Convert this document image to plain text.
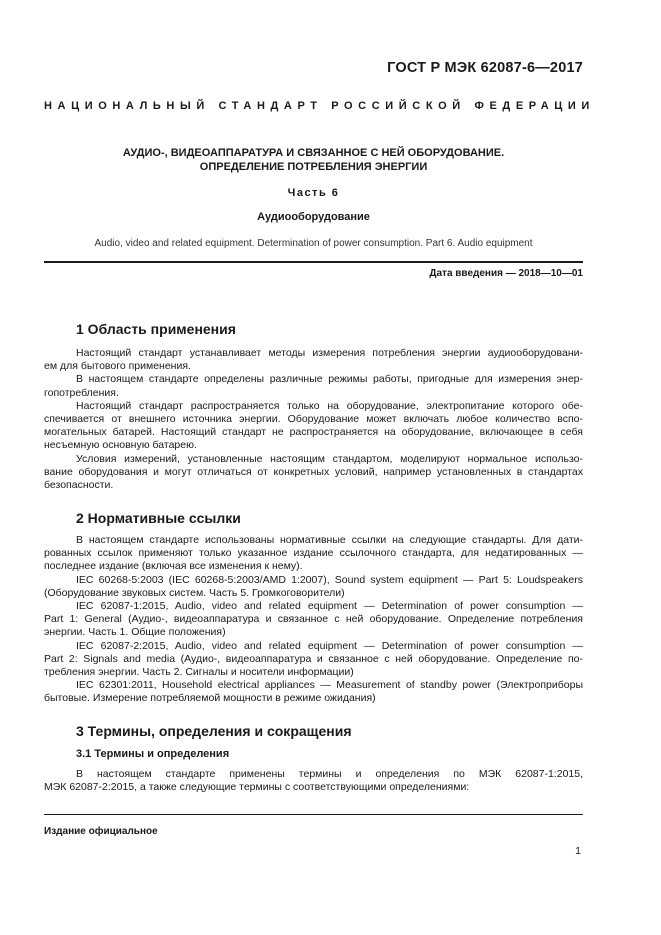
ГОСТ Р МЭК 62087-6—2017
НАЦИОНАЛЬНЫЙ СТАНДАРТ РОССИЙСКОЙ ФЕДЕРАЦИИ
АУДИО-, ВИДЕОАППАРАТУРА И СВЯЗАННОЕ С НЕЙ ОБОРУДОВАНИЕ.
ОПРЕДЕЛЕНИЕ ПОТРЕБЛЕНИЯ ЭНЕРГИИ
Часть 6
Аудиооборудование
Audio, video and related equipment. Determination of power consumption. Part 6. Audio equipment
Дата введения — 2018—10—01
1 Область применения
Настоящий стандарт устанавливает методы измерения потребления энергии аудиооборудовани-
ем для бытового применения.
В настоящем стандарте определены различные режимы работы, пригодные для измерения энер-
гопотребления.
Настоящий стандарт распространяется только на оборудование, электропитание которого обе-
спечивается от внешнего источника энергии. Оборудование может включать любое количество вспо-
могательных батарей. Настоящий стандарт не распространяется на оборудование, включающее в себя
несъемную основную батарею.
Условия измерений, установленные настоящим стандартом, моделируют нормальное использо-
вание оборудования и могут отличаться от конкретных условий, например установленных в стандартах
безопасности.
2 Нормативные ссылки
В настоящем стандарте использованы нормативные ссылки на следующие стандарты. Для дати-
рованных ссылок применяют только указанное издание ссылочного стандарта, для недатированных —
последнее издание (включая все изменения к нему).
IEC 60268-5:2003 (IEC 60268-5:2003/AMD 1:2007), Sound system equipment — Part 5: Loudspeakers
(Оборудование звуковых систем. Часть 5. Громкоговорители)
IEC 62087-1:2015, Audio, video and related equipment — Determination of power consumption —
Part 1: General (Аудио-, видеоаппаратура и связанное с ней оборудование. Определение потребления
энергии. Часть 1. Общие положения)
IEC 62087-2:2015, Audio, video and related equipment — Determination of power consumption —
Part 2: Signals and media (Аудио-, видеоаппаратура и связанное с ней оборудование. Определение по-
требления энергии. Часть 2. Сигналы и носители информации)
IEC 62301:2011, Household electrical appliances — Measurement of standby power (Электроприборы
бытовые. Измерение потребляемой мощности в режиме ожидания)
3 Термины, определения и сокращения
3.1 Термины и определения
В настоящем стандарте применены термины и определения по МЭК 62087-1:2015,
МЭК 62087-2:2015, а также следующие термины с соответствующими определениями:
Издание официальное
1
